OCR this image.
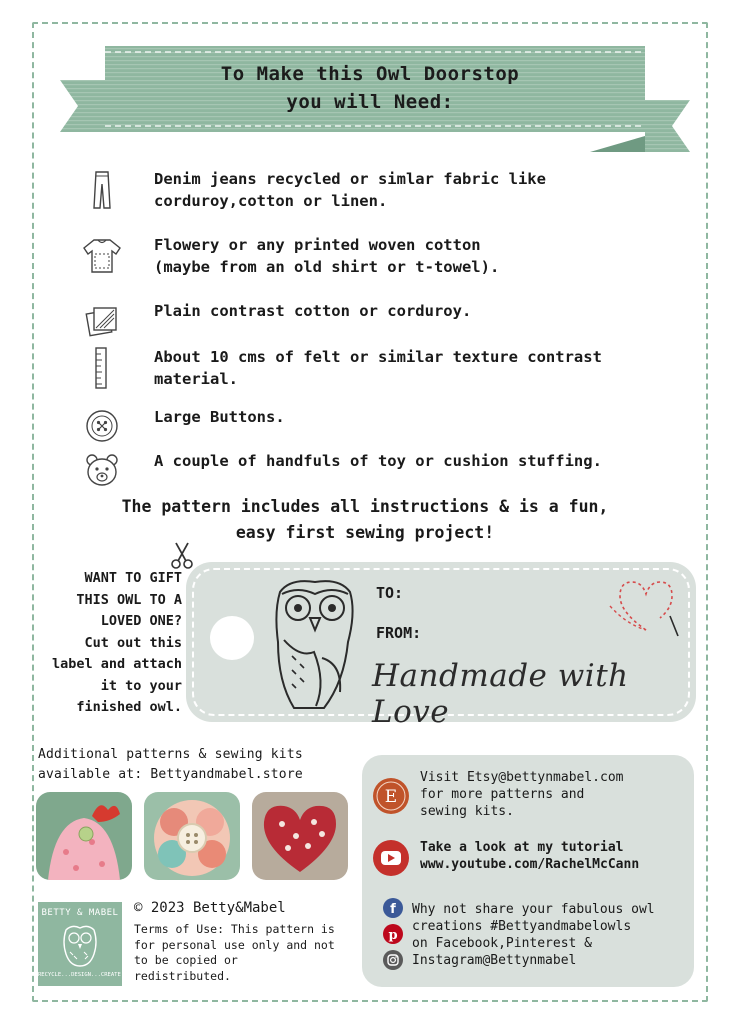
To Make this Owl Doorstop
you will Need:
Denim jeans recycled or simlar fabric like
corduroy,cotton or linen.
Flowery or any printed woven cotton
(maybe from an old shirt or t-towel).
Plain contrast cotton or corduroy.
About 10 cms of felt or similar texture contrast
material.
Large Buttons.
A couple of handfuls of toy or cushion stuffing.
The pattern includes all instructions & is a fun,
easy first sewing project!
WANT TO GIFT
THIS OWL TO A
LOVED ONE?
Cut out this
label and attach
it to your
finished owl.
TO:
FROM:
Handmade with Love
Additional patterns & sewing kits
available at: Bettyandmabel.store
BETTY & MABEL
RECYCLE...DESIGN...CREATE...
© 2023 Betty&Mabel
Terms of Use: This pattern is
for personal use only and not
to be copied or
redistributed.
E
Visit Etsy@bettynmabel.com
for more patterns and
sewing kits.
Take a look at my tutorial
www.youtube.com/RachelMcCann
f
p
Why not share your fabulous owl
creations #Bettyandmabelowls
on Facebook,Pinterest &
Instagram@Bettynmabel
